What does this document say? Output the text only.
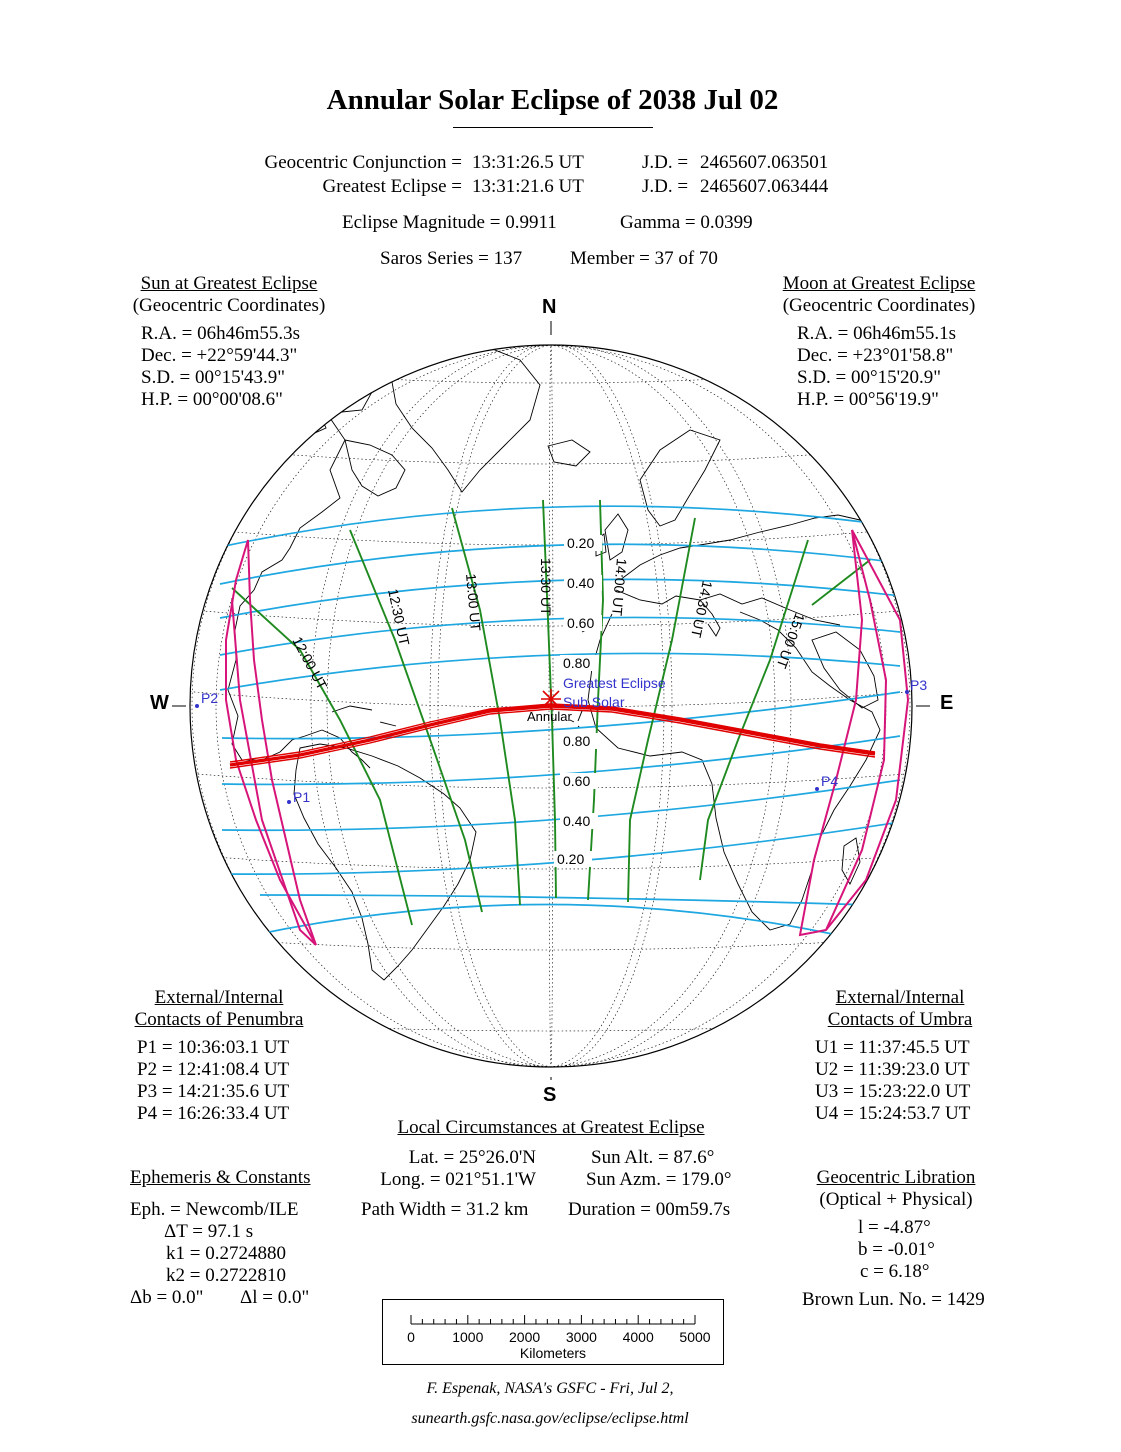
Annular Solar Eclipse of 2038 Jul 02
Geocentric Conjunction = 13:31:26.5 UT	J.D. = 2465607.063501
Greatest Eclipse = 13:31:21.6 UT	J.D. = 2465607.063444
Eclipse Magnitude = 0.9911	Gamma = 0.0399
Saros Series = 137	Member = 37 of 70
Sun at Greatest Eclipse
(Geocentric Coordinates)
R.A. = 06h46m55.3s
Dec. = +22°59'44.3"
S.D. = 00°15'43.9"
H.P. = 00°00'08.6"
Moon at Greatest Eclipse
(Geocentric Coordinates)
R.A. = 06h46m55.1s
Dec. = +23°01'58.8"
S.D. = 00°15'20.9"
H.P. = 00°56'19.9"
0.20
0.40
0.60
0.80
0.80
0.60
0.40
0.20
12:00 UT
12:30 UT	13:00 UT	13:30 UT	14:00 UT	14:30 UT
15:00 UT
P1
P2
P3
P4
Greatest Eclipse
Sub Solar
Annular
N
S
W	E
External/Internal
Contacts of Penumbra
P1 = 10:36:03.1 UT
P2 = 12:41:08.4 UT
P3 = 14:21:35.6 UT
P4 = 16:26:33.4 UT
External/Internal
Contacts of Umbra
U1 = 11:37:45.5 UT
U2 = 11:39:23.0 UT
U3 = 15:23:22.0 UT
U4 = 15:24:53.7 UT
Local Circumstances at Greatest Eclipse
Lat. = 25°26.0'N
Long. = 021°51.1'W
Path Width = 31.2 km
Sun Alt. = 87.6°
Sun Azm. = 179.0°
Duration = 00m59.7s
Ephemeris & Constants
Eph. = Newcomb/ILE
ΔT = 97.1 s
k1 = 0.2724880
k2 = 0.2722810
Δb = 0.0" Δl = 0.0"
Geocentric Libration
(Optical + Physical)
l = -4.87°
b = -0.01°
c = 6.18°
Brown Lun. No. = 1429
0	1000 2000 3000 4000 5000
Kilometers
F. Espenak, NASA's GSFC - Fri, Jul 2,
sunearth.gsfc.nasa.gov/eclipse/eclipse.html
